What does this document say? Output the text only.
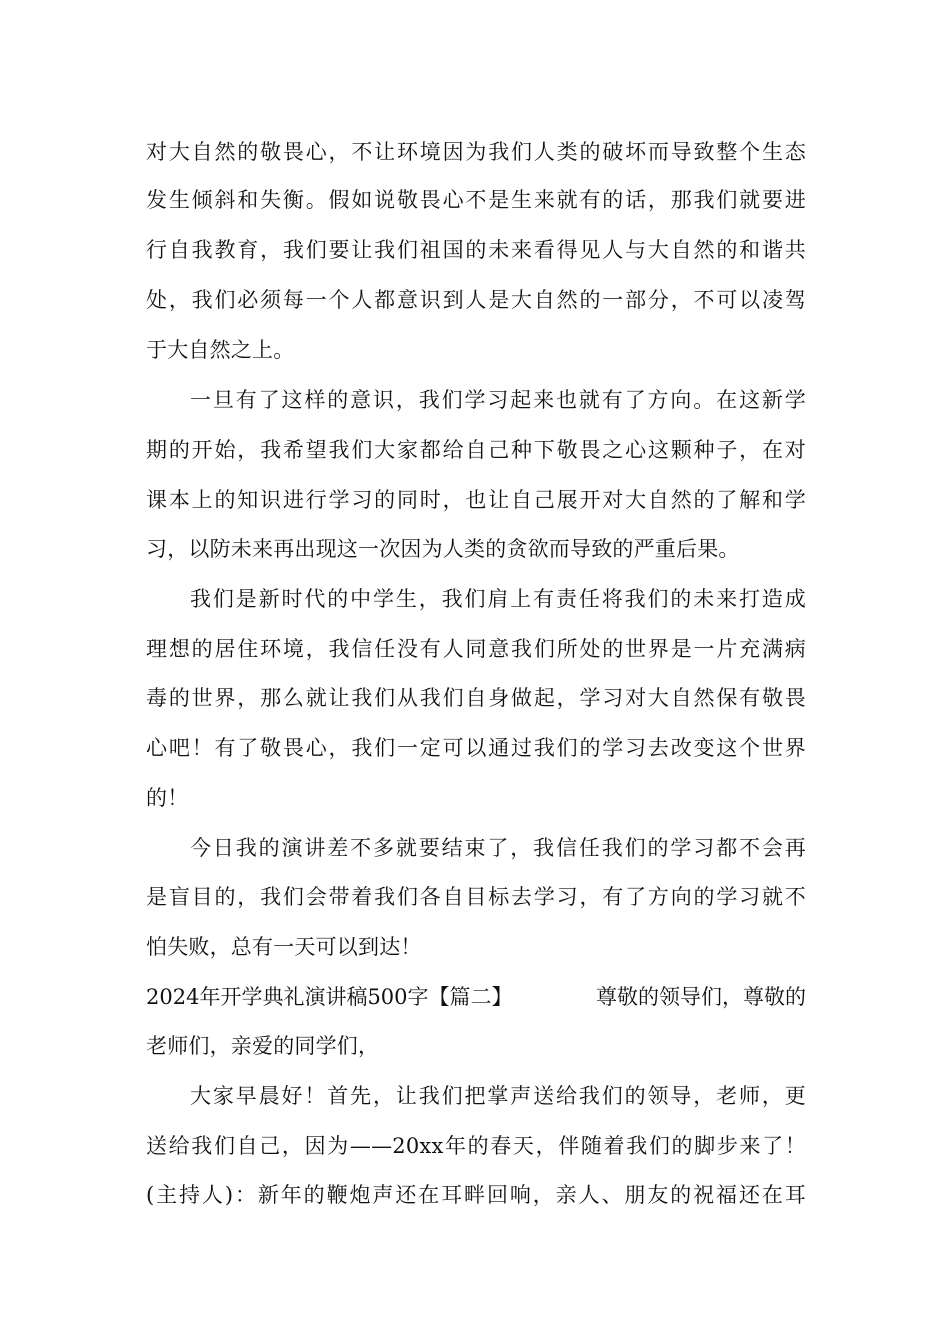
对大自然的敬畏心，不让环境因为我们人类的破坏而导致整个生态
发生倾斜和失衡。假如说敬畏心不是生来就有的话，那我们就要进
行自我教育，我们要让我们祖国的未来看得见人与大自然的和谐共
处，我们必须每一个人都意识到人是大自然的一部分，不可以凌驾
于大自然之上。
一旦有了这样的意识，我们学习起来也就有了方向。在这新学
期的开始，我希望我们大家都给自己种下敬畏之心这颗种子，在对
课本上的知识进行学习的同时，也让自己展开对大自然的了解和学
习，以防未来再出现这一次因为人类的贪欲而导致的严重后果。
我们是新时代的中学生，我们肩上有责任将我们的未来打造成
理想的居住环境，我信任没有人同意我们所处的世界是一片充满病
毒的世界，那么就让我们从我们自身做起，学习对大自然保有敬畏
心吧！有了敬畏心，我们一定可以通过我们的学习去改变这个世界
的！
今日我的演讲差不多就要结束了，我信任我们的学习都不会再
是盲目的，我们会带着我们各自目标去学习，有了方向的学习就不
怕失败，总有一天可以到达！
2024年开学典礼演讲稿500字【篇二】	尊敬的领导们，尊敬的
老师们，亲爱的同学们，
大家早晨好！首先，让我们把掌声送给我们的领导，老师，更
送给我们自己，因为——20xx年的春天，伴随着我们的脚步来了！
(主持人)：新年的鞭炮声还在耳畔回响，亲人、朋友的祝福还在耳
